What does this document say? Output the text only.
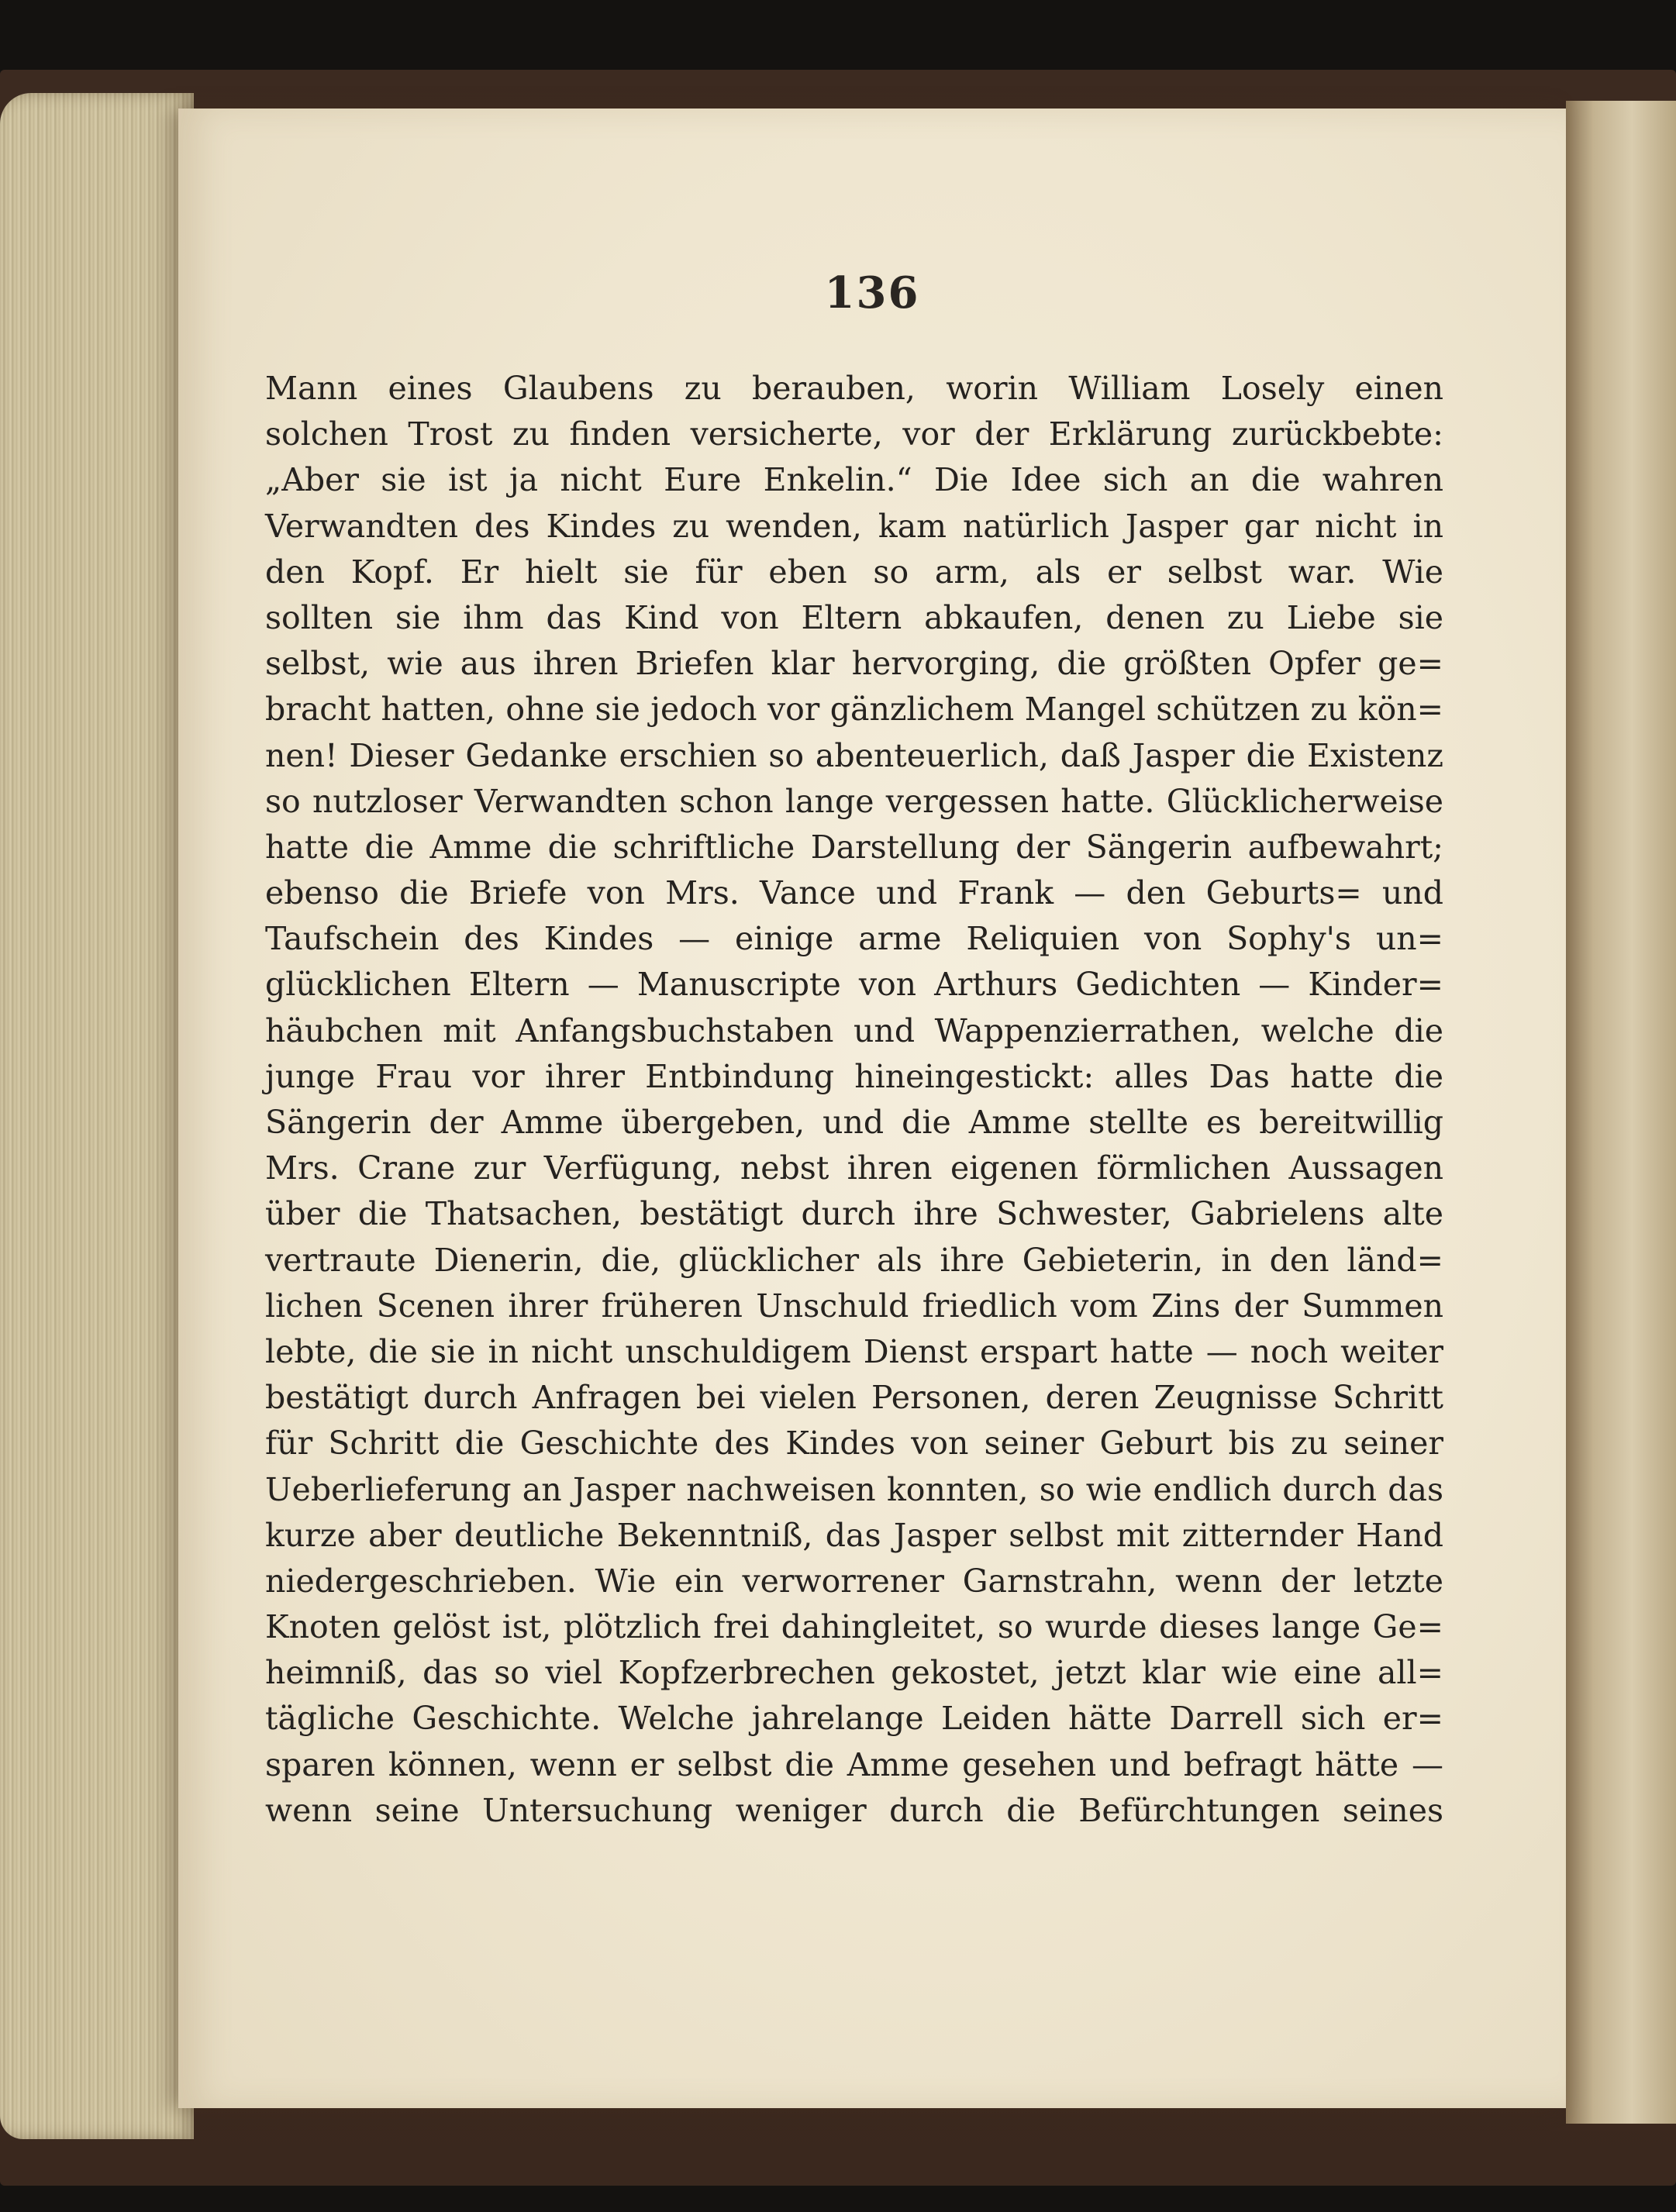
136
Mann eines Glaubens zu berauben, worin William Losely einen
solchen Trost zu finden versicherte, vor der Erklärung zurückbebte:
„Aber sie ist ja nicht Eure Enkelin.“ Die Idee sich an die wahren
Verwandten des Kindes zu wenden, kam natürlich Jasper gar nicht in
den Kopf. Er hielt sie für eben so arm, als er selbst war. Wie
sollten sie ihm das Kind von Eltern abkaufen, denen zu Liebe sie
selbst, wie aus ihren Briefen klar hervorging, die größten Opfer ge=
bracht hatten, ohne sie jedoch vor gänzlichem Mangel schützen zu kön=
nen! Dieser Gedanke erschien so abenteuerlich, daß Jasper die Existenz
so nutzloser Verwandten schon lange vergessen hatte. Glücklicherweise
hatte die Amme die schriftliche Darstellung der Sängerin aufbewahrt;
ebenso die Briefe von Mrs. Vance und Frank — den Geburts= und
Taufschein des Kindes — einige arme Reliquien von Sophy's un=
glücklichen Eltern — Manuscripte von Arthurs Gedichten — Kinder=
häubchen mit Anfangsbuchstaben und Wappenzierrathen, welche die
junge Frau vor ihrer Entbindung hineingestickt: alles Das hatte die
Sängerin der Amme übergeben, und die Amme stellte es bereitwillig
Mrs. Crane zur Verfügung, nebst ihren eigenen förmlichen Aussagen
über die Thatsachen, bestätigt durch ihre Schwester, Gabrielens alte
vertraute Dienerin, die, glücklicher als ihre Gebieterin, in den länd=
lichen Scenen ihrer früheren Unschuld friedlich vom Zins der Summen
lebte, die sie in nicht unschuldigem Dienst erspart hatte — noch weiter
bestätigt durch Anfragen bei vielen Personen, deren Zeugnisse Schritt
für Schritt die Geschichte des Kindes von seiner Geburt bis zu seiner
Ueberlieferung an Jasper nachweisen konnten, so wie endlich durch das
kurze aber deutliche Bekenntniß, das Jasper selbst mit zitternder Hand
niedergeschrieben. Wie ein verworrener Garnstrahn, wenn der letzte
Knoten gelöst ist, plötzlich frei dahingleitet, so wurde dieses lange Ge=
heimniß, das so viel Kopfzerbrechen gekostet, jetzt klar wie eine all=
tägliche Geschichte. Welche jahrelange Leiden hätte Darrell sich er=
sparen können, wenn er selbst die Amme gesehen und befragt hätte —
wenn seine Untersuchung weniger durch die Befürchtungen seines
